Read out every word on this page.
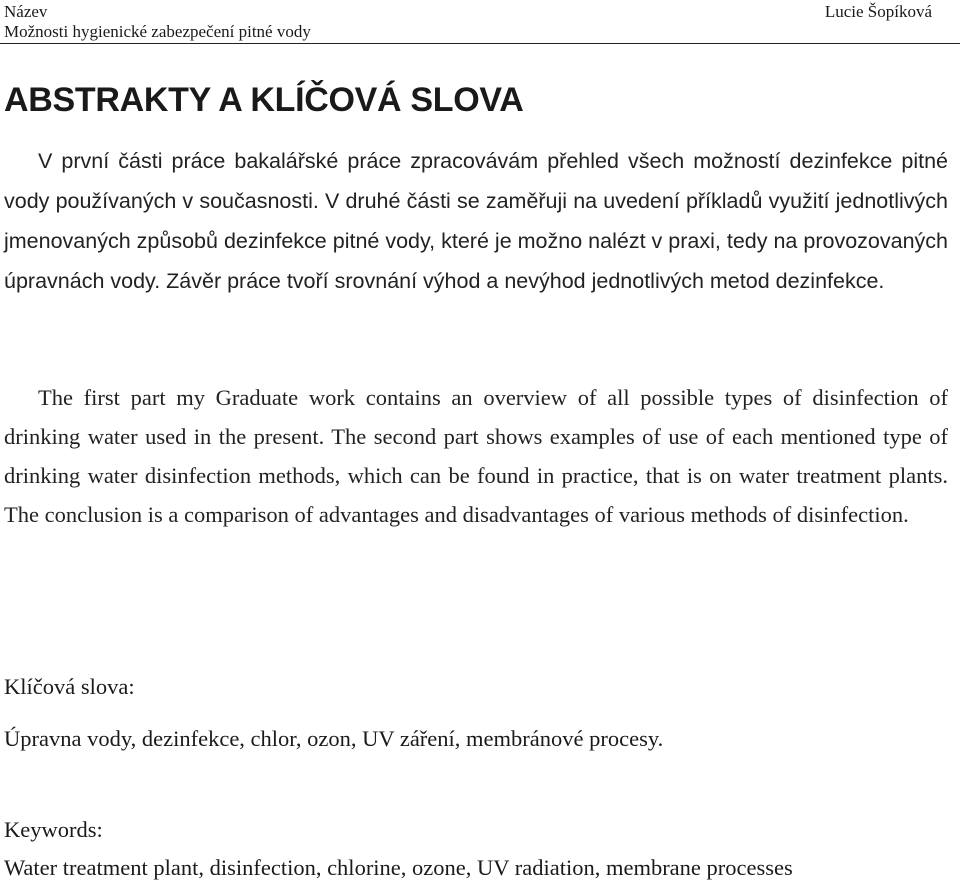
Název
Možnosti hygienické zabezpečení pitné vody
Lucie Šopíková
ABSTRAKTY A KLÍČOVÁ SLOVA

V první části práce bakalářské práce zpracovávám přehled všech možností dezinfekce pitné vody používaných v současnosti. V druhé části se zaměřuji na uvedení příkladů využití jednotlivých jmenovaných způsobů dezinfekce pitné vody, které je možno nalézt v praxi, tedy na provozovaných úpravnách vody. Závěr práce tvoří srovnání výhod a nevýhod jednotlivých metod dezinfekce.

The first part my Graduate work contains an overview of all possible types of disinfection of drinking water used in the present. The second part shows examples of use of each mentioned type of drinking water disinfection methods, which can be found in practice, that is on water treatment plants. The conclusion is a comparison of advantages and disadvantages of various methods of disinfection.

Klíčová slova:

Úpravna vody, dezinfekce, chlor, ozon, UV záření, membránové procesy.

Keywords:

Water treatment plant, disinfection, chlorine, ozone, UV radiation, membrane processes
